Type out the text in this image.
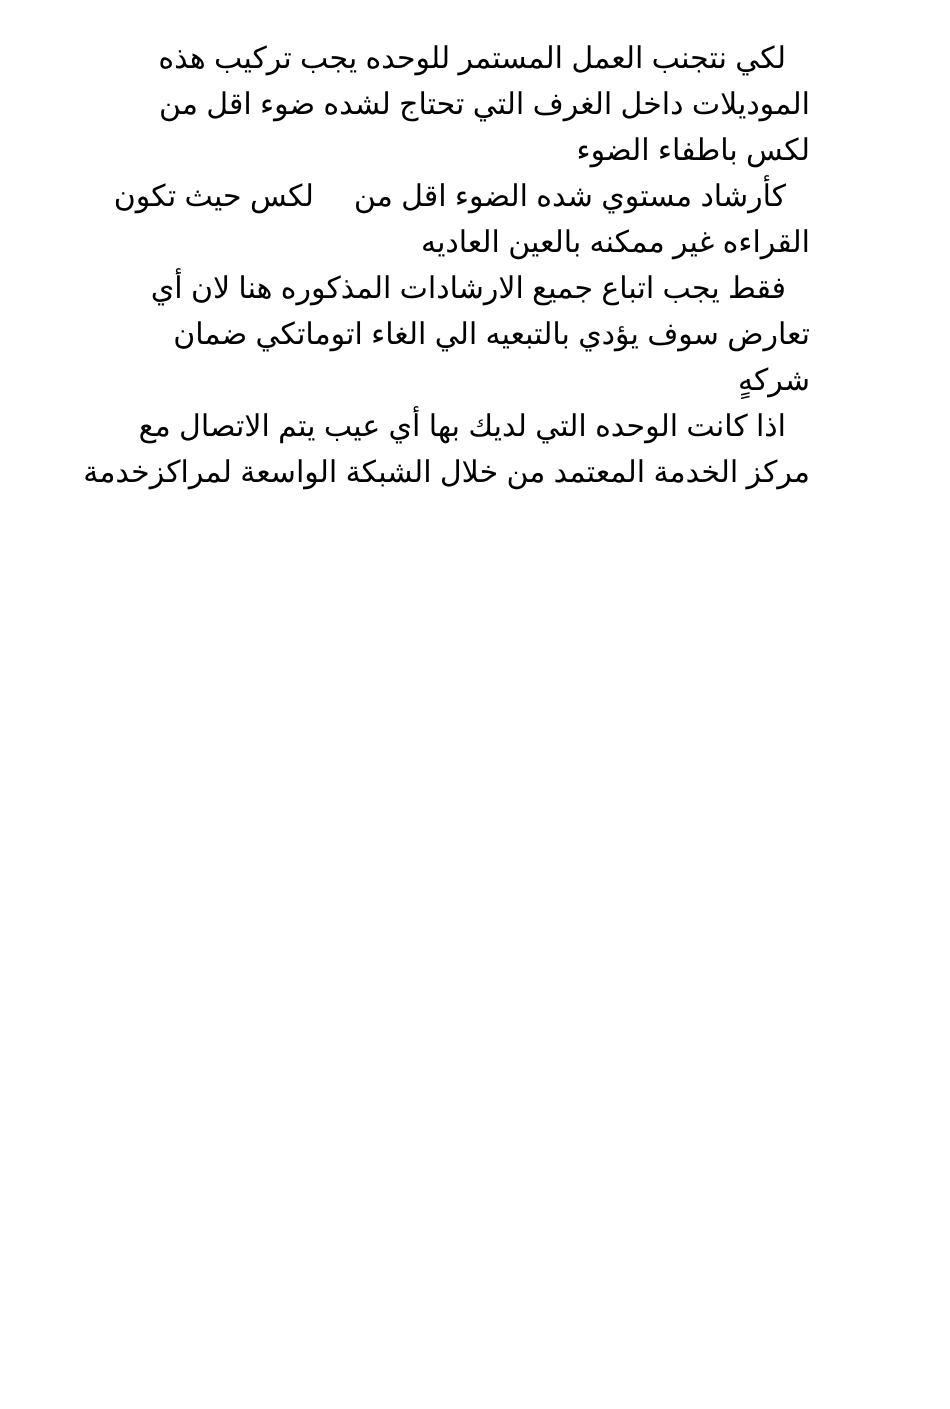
لكي نتجنب العمل المستمر للوحده يجب تركيب هذه
الموديلات داخل الغرف التي تحتاج لشده ضوء اقل من
لكس باطفاء الضوء
كأرشاد مستوي شده الضوء اقل منلكس حيث تكون
القراءه غير ممكنه بالعين العاديه
فقط يجب اتباع جميع الارشادات المذكوره هنا لان أي
تعارض سوف يؤدي بالتبعيه الي الغاء اتوماتكي ضمان
شركهٍ
اذا كانت الوحده التي لديك بها أي عيب يتم الاتصال مع
مركز الخدمة المعتمد من خلال الشبكة الواسعة لمراكزخدمة
